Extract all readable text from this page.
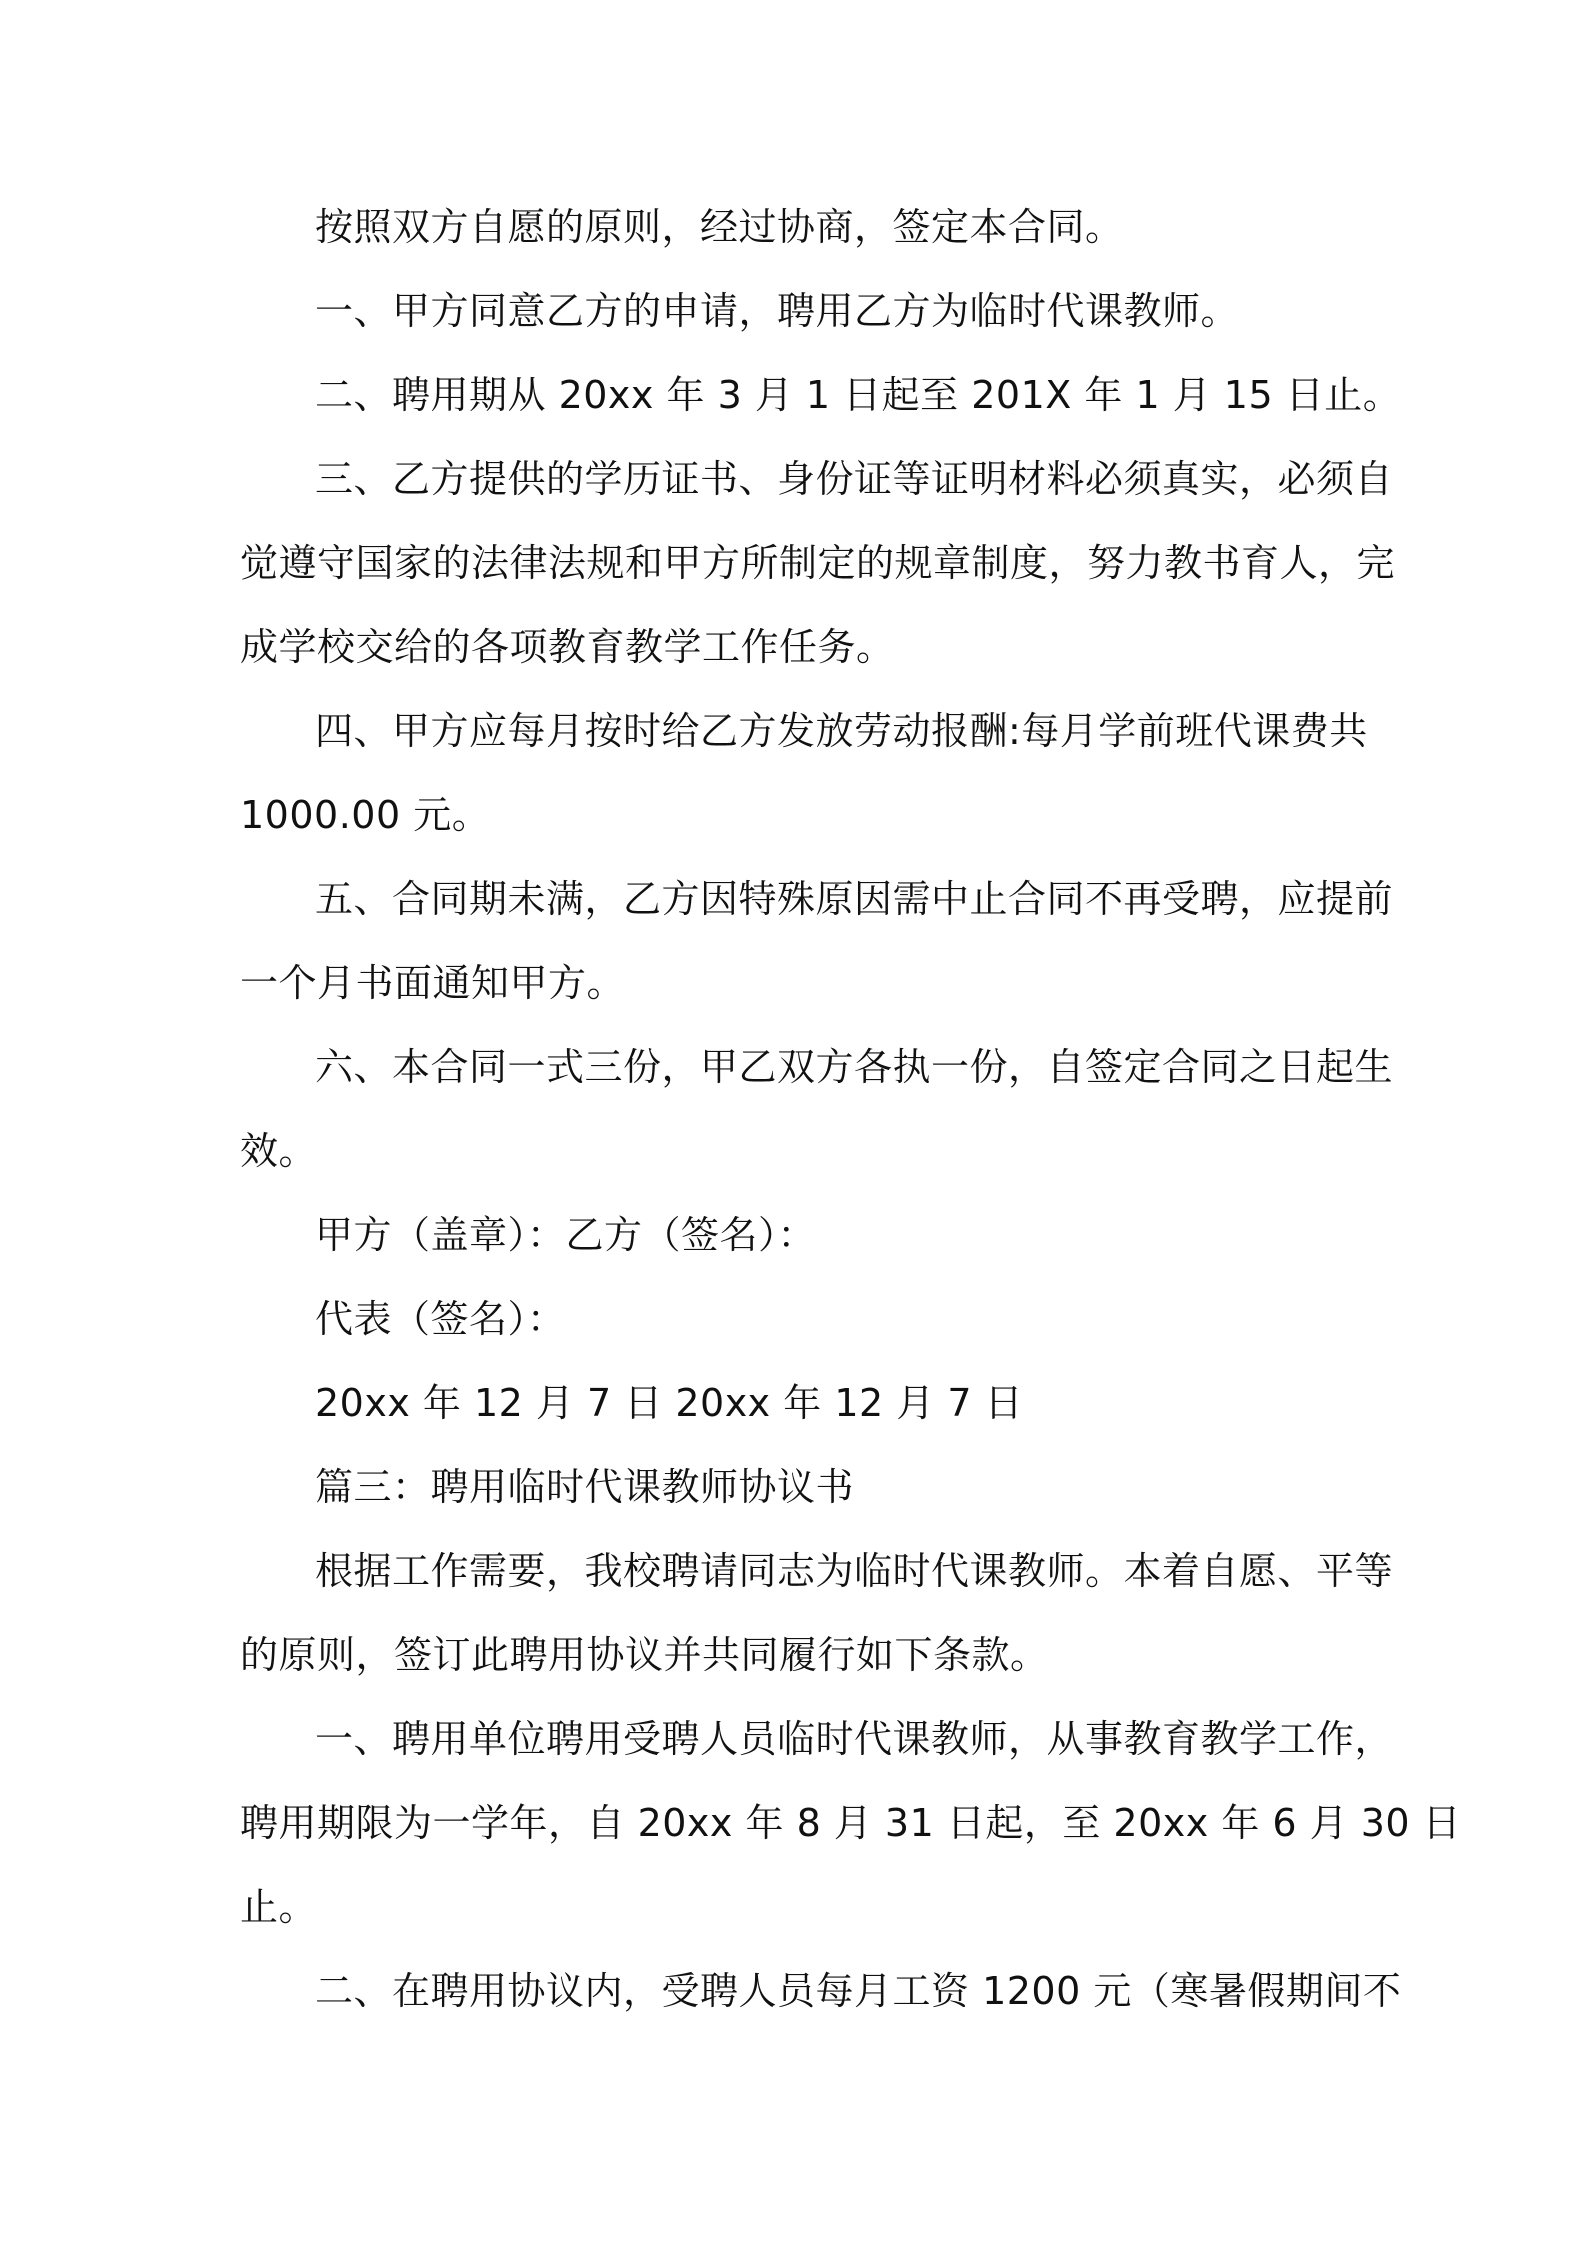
按照双方自愿的原则，经过协商，签定本合同。
一、甲方同意乙方的申请，聘用乙方为临时代课教师。
二、聘用期从 20xx 年 3 月 1 日起至 201X 年 1 月 15 日止。
三、乙方提供的学历证书、身份证等证明材料必须真实，必须自
觉遵守国家的法律法规和甲方所制定的规章制度，努力教书育人，完
成学校交给的各项教育教学工作任务。
四、甲方应每月按时给乙方发放劳动报酬:每月学前班代课费共
1000.00 元。
五、合同期未满，乙方因特殊原因需中止合同不再受聘，应提前
一个月书面通知甲方。
六、本合同一式三份，甲乙双方各执一份，自签定合同之日起生
效。
甲方（盖章）：乙方（签名）：
代表（签名）：
20xx 年 12 月 7 日 20xx 年 12 月 7 日
篇三：聘用临时代课教师协议书
根据工作需要，我校聘请同志为临时代课教师。本着自愿、平等
的原则，签订此聘用协议并共同履行如下条款。
一、聘用单位聘用受聘人员临时代课教师，从事教育教学工作，
聘用期限为一学年，自 20xx 年 8 月 31 日起，至 20xx 年 6 月 30 日
止。
二、在聘用协议内，受聘人员每月工资 1200 元（寒暑假期间不
